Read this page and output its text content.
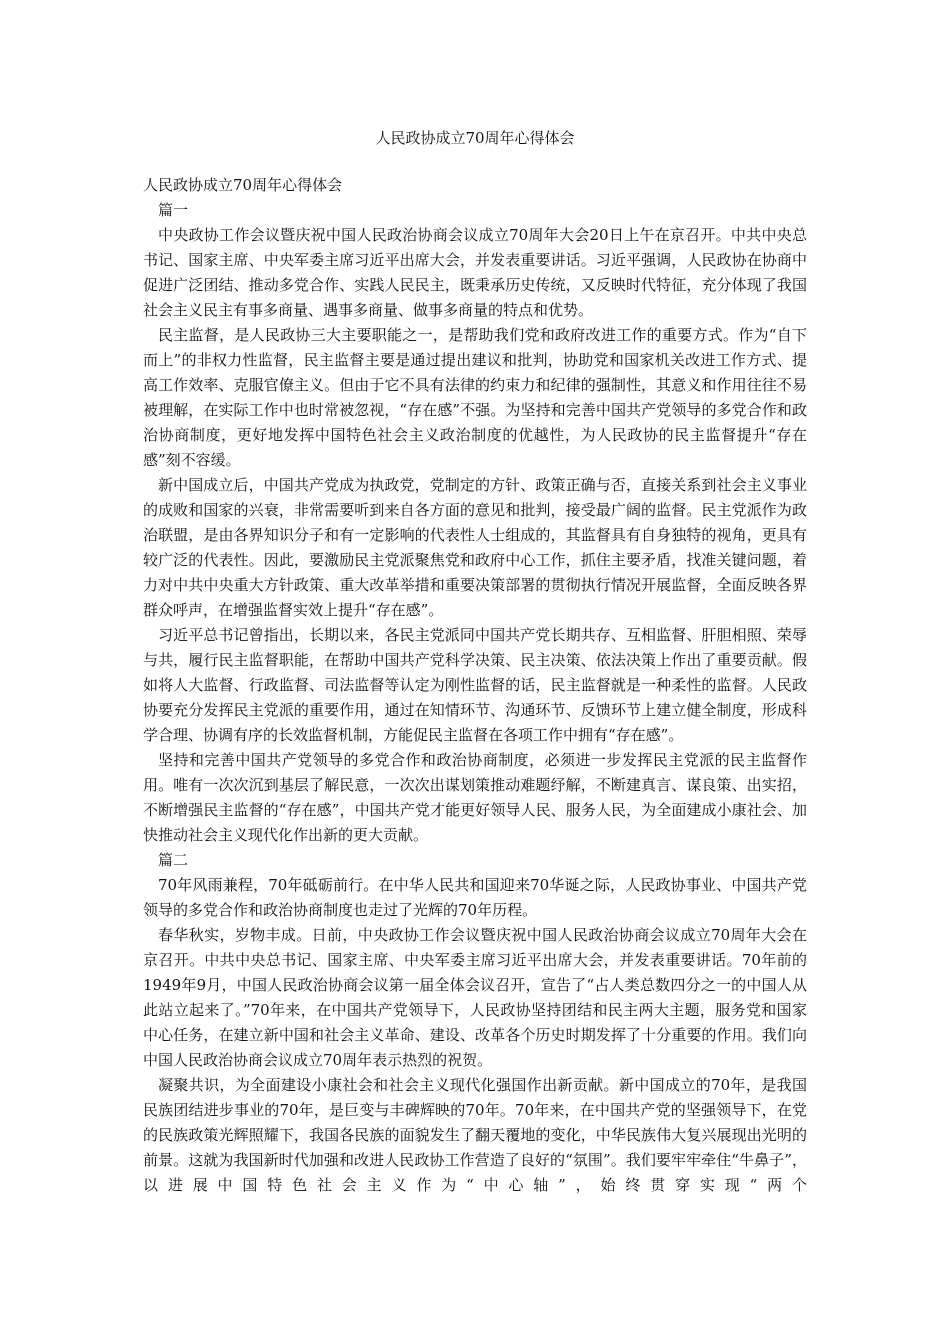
人民政协成立70周年心得体会

人民政协成立70周年心得体会

篇一

中央政协工作会议暨庆祝中国人民政治协商会议成立70周年大会20日上午在京召开。中共中央总书记、国家主席、中央军委主席习近平出席大会，并发表重要讲话。习近平强调，人民政协在协商中促进广泛团结、推动多党合作、实践人民民主，既秉承历史传统，又反映时代特征，充分体现了我国社会主义民主有事多商量、遇事多商量、做事多商量的特点和优势。

民主监督，是人民政协三大主要职能之一，是帮助我们党和政府改进工作的重要方式。作为“自下而上”的非权力性监督，民主监督主要是通过提出建议和批判，协助党和国家机关改进工作方式、提高工作效率、克服官僚主义。但由于它不具有法律的约束力和纪律的强制性，其意义和作用往往不易被理解，在实际工作中也时常被忽视，“存在感”不强。为坚持和完善中国共产党领导的多党合作和政治协商制度，更好地发挥中国特色社会主义政治制度的优越性，为人民政协的民主监督提升“存在感”刻不容缓。

新中国成立后，中国共产党成为执政党，党制定的方针、政策正确与否，直接关系到社会主义事业的成败和国家的兴衰，非常需要听到来自各方面的意见和批判，接受最广阔的监督。民主党派作为政治联盟，是由各界知识分子和有一定影响的代表性人士组成的，其监督具有自身独特的视角，更具有较广泛的代表性。因此，要激励民主党派聚焦党和政府中心工作，抓住主要矛盾，找准关键问题，着力对中共中央重大方针政策、重大改革举措和重要决策部署的贯彻执行情况开展监督，全面反映各界群众呼声，在增强监督实效上提升“存在感”。

习近平总书记曾指出，长期以来，各民主党派同中国共产党长期共存、互相监督、肝胆相照、荣辱与共，履行民主监督职能，在帮助中国共产党科学决策、民主决策、依法决策上作出了重要贡献。假如将人大监督、行政监督、司法监督等认定为刚性监督的话，民主监督就是一种柔性的监督。人民政协要充分发挥民主党派的重要作用，通过在知情环节、沟通环节、反馈环节上建立健全制度，形成科学合理、协调有序的长效监督机制，方能促民主监督在各项工作中拥有“存在感”。

坚持和完善中国共产党领导的多党合作和政治协商制度，必须进一步发挥民主党派的民主监督作用。唯有一次次沉到基层了解民意，一次次出谋划策推动难题纾解，不断建真言、谋良策、出实招，不断增强民主监督的“存在感”，中国共产党才能更好领导人民、服务人民，为全面建成小康社会、加快推动社会主义现代化作出新的更大贡献。

篇二

70年风雨兼程，70年砥砺前行。在中华人民共和国迎来70华诞之际，人民政协事业、中国共产党领导的多党合作和政治协商制度也走过了光辉的70年历程。

春华秋实，岁物丰成。日前，中央政协工作会议暨庆祝中国人民政治协商会议成立70周年大会在京召开。中共中央总书记、国家主席、中央军委主席习近平出席大会，并发表重要讲话。70年前的1949年9月，中国人民政治协商会议第一届全体会议召开，宣告了“占人类总数四分之一的中国人从此站立起来了。”70年来，在中国共产党领导下，人民政协坚持团结和民主两大主题，服务党和国家中心任务，在建立新中国和社会主义革命、建设、改革各个历史时期发挥了十分重要的作用。我们向中国人民政治协商会议成立70周年表示热烈的祝贺。

凝聚共识，为全面建设小康社会和社会主义现代化强国作出新贡献。新中国成立的70年，是我国民族团结进步事业的70年，是巨变与丰碑辉映的70年。70年来，在中国共产党的坚强领导下，在党的民族政策光辉照耀下，我国各民族的面貌发生了翻天覆地的变化，中华民族伟大复兴展现出光明的前景。这就为我国新时代加强和改进人民政协工作营造了良好的“氛围”。我们要牢牢牵住“牛鼻子”，以进展中国特色社会主义作为“中心轴”，始终贯穿实现“两个
